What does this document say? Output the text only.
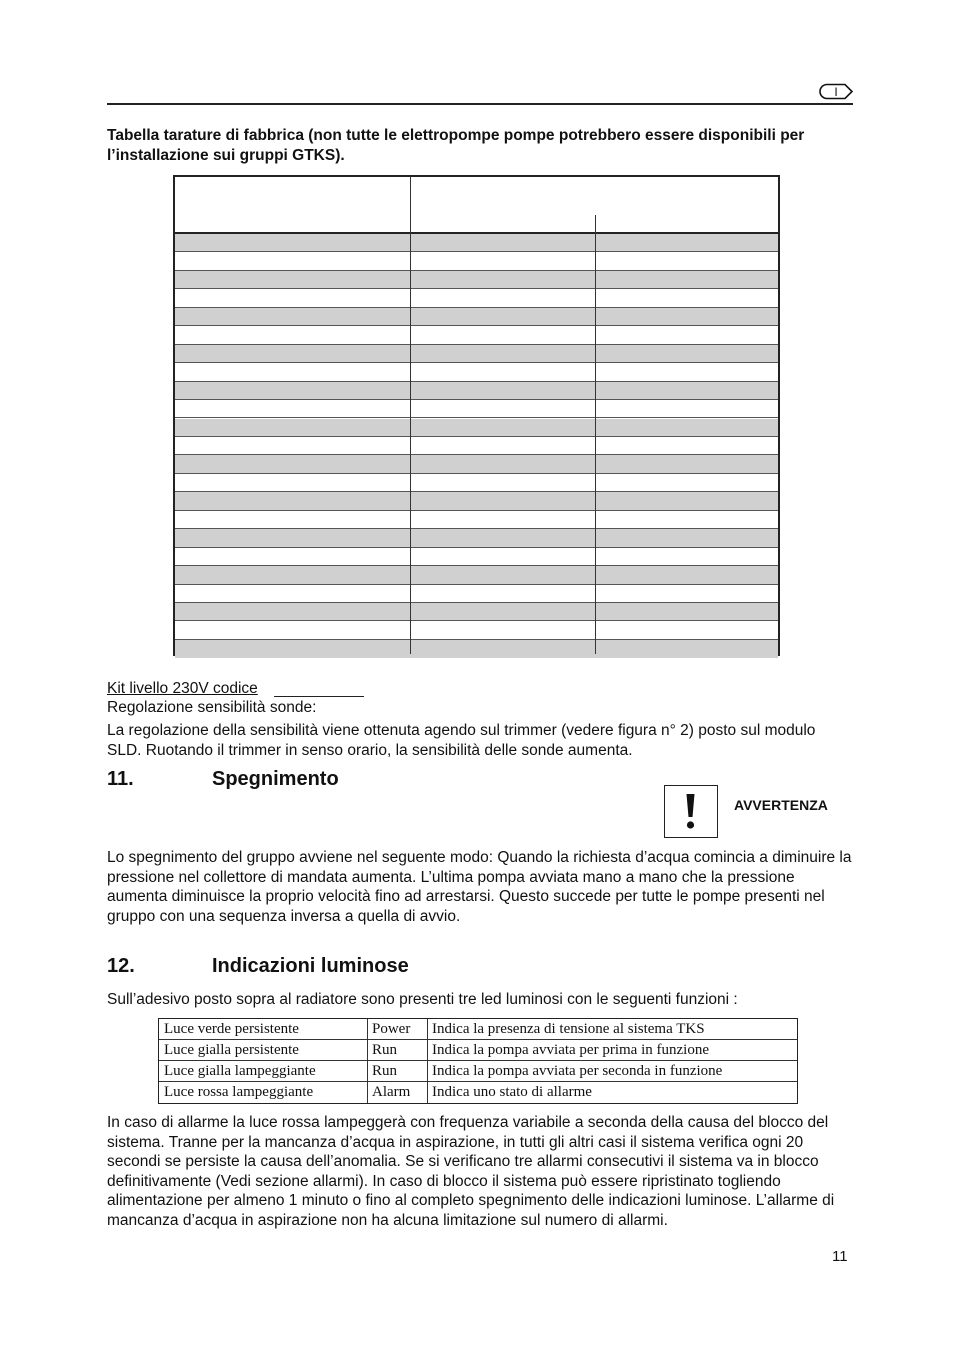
I
Tabella tarature di fabbrica (non tutte le elettropompe pompe potrebbero essere disponibili per l’installazione sui gruppi GTKS).
Kit livello 230V codice
Regolazione sensibilità sonde:
La regolazione della sensibilità viene ottenuta agendo sul trimmer (vedere figura n° 2) posto sul modulo SLD. Ruotando il trimmer in senso orario, la sensibilità delle sonde aumenta.
11.	Spegnimento
AVVERTENZA
Lo spegnimento del gruppo avviene nel seguente modo: Quando la richiesta d’acqua comincia a diminuire la pressione nel collettore di mandata aumenta. L’ultima pompa avviata mano a mano che la pressione aumenta diminuisce la proprio velocità fino ad arrestarsi. Questo succede per tutte le pompe presenti nel gruppo con una sequenza inversa a quella di avvio.
12.	Indicazioni luminose
Sull’adesivo posto sopra al radiatore sono presenti tre led luminosi con le seguenti funzioni :
Luce verde persistente	Power Indica la presenza di tensione al sistema TKS
Luce gialla persistente	Run Indica la pompa avviata per prima in funzione
Luce gialla lampeggiante	Run Indica la pompa avviata per seconda in funzione
Luce rossa lampeggiante	Alarm Indica uno stato di allarme
In caso di allarme la luce rossa lampeggerà con frequenza variabile a seconda della causa del blocco del sistema. Tranne per la mancanza d’acqua in aspirazione, in tutti gli altri casi il sistema verifica ogni 20 secondi se persiste la causa dell’anomalia. Se si verificano tre allarmi consecutivi il sistema va in blocco definitivamente (Vedi sezione allarmi). In caso di blocco il sistema può essere ripristinato togliendo alimentazione per almeno 1 minuto o fino al completo spegnimento delle indicazioni luminose. L’allarme di mancanza d’acqua in aspirazione non ha alcuna limitazione sul numero di allarmi.
11
